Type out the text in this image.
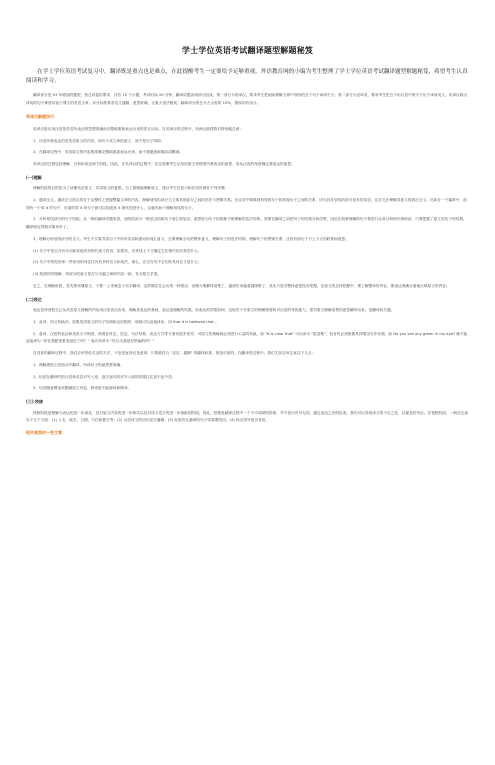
学士学位英语考试翻译题型解题秘笈

在学士学位英语考试复习中，翻译既是重点也是难点，在此提醒考生一定要给予足够重视。外语教育网的小编为考生整理了学士学位英语考试翻译题型解题秘笈，希望考生认真阅读和学习。

翻译部分是 03 年增加的题型，按总试卷的要求，共有 15 个小题，考试时间 20 分钟。翻译试题由两部分组成，第一部分为英译汉，要求考生把阅读理解文章中划线的五个句子译成中文；第二部分为汉译英，要求考生把五个用汉语中的中文句子译成英文。英译汉和汉译英的句子难度均低于课文的英语文章，评分标准要求语文通顺，意思准确，无重大语法错误，翻译部分的总分占全卷的 15%，错误均有扣分。

英译汉解题技巧

英译汉是应用汉语把英语所表达的思想准确而完整地重新表达出来的语言活动。在英译汉的过程中，有两点值得我们特别地注意：

1，汉语所要表达的是英语原文的内容，即句子或文章的意义，而不是句子结构；

2，在翻译过程中，英语原文的内容要准确完整地重新表达出来，而不是随意地增添或删减。

英译汉的过程包括理解、分析和表达两个阶段。因此，在英译汉的过程中，往往需要考生从英语原文里理清所要表达的意思，再从汉语的角度确定要表达的意思。

(一)理解

理解阶段的目的是为了读懂英语原文，弄清原文的意思。为了透彻地理解原文，建议考生在复习和应试时做好下列步骤：

1，通读全文。通读全文的目的在于从整体上把握整篇文章的内容，理解划线的部分与文章其他部分之间的语法与逻辑关系。在应试中要做到划线的句子和其他句子之间的关系，因为其在划线的部分及有的英语，往往无法理解其意义的真正含义。比如在一个篇章中，前面有一个带 it 的句子，后面的带 it 的句子就可以知道其 it 指代的是什么，这就有助于理解划线的句子。

2，分析划线部分的句子结构。从一般的翻译试题来看，划线的部分一般是由结构句子那么较复杂、意思较为句子结构都不难理解的语法结构。需要在翻译之前把句子的结构分析清楚，因此比较难理解的句子要进行认真分析和仔细研读，只要把握了原文的句子的结构，翻译就变得相对简单多了。

3，理解分析划线部分的含义。考生不仅要弄清句子中所有实词和虚词的词汇意义，还要理解全句的整体意义，理解句子的语法结构，理解句子的逻辑关系，还有后面句子与上下文的联系和意思。

(1) 句子中是否含有代词和其他具有指代意义的词，如果有，应该找上下文确定它们指代的对象是什么；

(2) 句子中的短语和一些常用的词往往具有多种含义和用法，那么，在应在句中它们的具体含义是什么；

(3) 按照你的理解，该部分的意义是否与全篇文章的内容一致，有无相左矛盾。

总之，在理解阶段，首先要读懂原文，不要一上来就急于动手翻译，这样做往往会出现一种情况：说理分要翻译清楚了，越到后来越看越困难了，其实只是对整体意思没有把握。在原文的总体把握中，要了解整体的内容，使表达准确全面地反映原文的内容。

(二)表达

表达是译者把自己从英语原文理解的内容用汉语表达出来，理解是表达的基础，表达是理解的结果。而表达的效果如何，这取决于对原文的理解程度和对汉语的驾驭能力。把对原文理解清楚的意思翻译出来，是翻译的关键。

1，直译、同义转换法。如果英语原文的句子结构和汉语相同，那就可以直接译出，用 that it is believed that…

2，意译、汉语的表达和英语大不相同，两者在时态、语态、句法结构、表达方式等方面有很多差异，对原文的理解就必须进行大量的转换，如 "It is clear that" 可以译为 "很清楚"，但有时必须根据具体情况另作处理。如 Do you see any green in my eye? 就不能直接译为 "你在我眼里看见绿色了吗？" 而应该译为 "你以为我是好欺骗的吗？"

在具体的翻译过程中，我们应该采取灵活的方法，不论是直译还是意译，只要能符合 "忠实、通顺" 的翻译标准，都是可取的。在翻译的过程中，我们尤其应该注意以下几点：

1，理解透彻上的再动手翻译，所译句子的意思要准确；

2，切忌在翻译时把汉语和英语对号入座，逐字逐句的对号入座的结果往往是不伦不类；

3，切忌随意增加或删减原文内容，特别是不能漏译和错译。

(三) 校核

校核阶段是理解与表达的进一步深化，是对原文内容的进一步核实以及对译文语言的进一步推敲的阶段。因此，校核是翻译过程中一个不可或缺的阶段，并不是可有可无的。通过表达之后的检查，我们可以发现译文的不足之处，以便及时纠正。在校核阶段，一般应注意以下几个方面：(1) 人名、地名、日期、方位和数字等；(2) 汉语译文的词句是否通顺；(3) 检查有无漏译的句子或重要的词。(4) 标点符号是否有误。

相关推荐的一些文章
